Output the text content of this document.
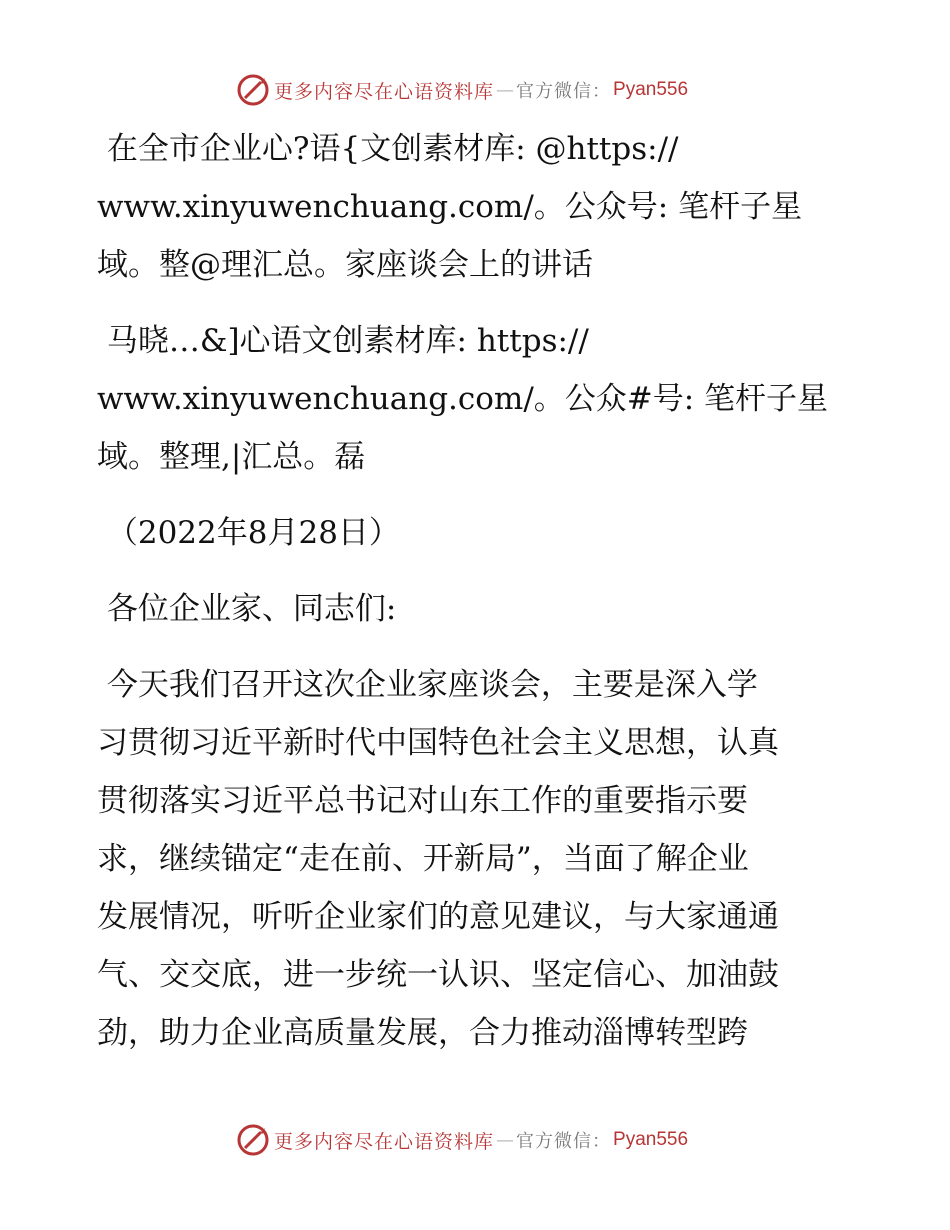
更多内容尽在心语资料库 — 官方微信： Pyan556

在全市企业心?语{文创素材库: @https://

www.xinyuwenchuang.com/。公众号: 笔杆子星

域。整@理汇总。家座谈会上的讲话

马晓…&]心语文创素材库: https://

www.xinyuwenchuang.com/。公众#号: 笔杆子星

域。整理,|汇总。磊

（2022年8月28日）

各位企业家、同志们:

今天我们召开这次企业家座谈会，主要是深入学

习贯彻习近平新时代中国特色社会主义思想，认真

贯彻落实习近平总书记对山东工作的重要指示要

求，继续锚定“走在前、开新局”，当面了解企业

发展情况，听听企业家们的意见建议，与大家通通

气、交交底，进一步统一认识、坚定信心、加油鼓

劲，助力企业高质量发展，合力推动淄博转型跨

更多内容尽在心语资料库 — 官方微信： Pyan556
